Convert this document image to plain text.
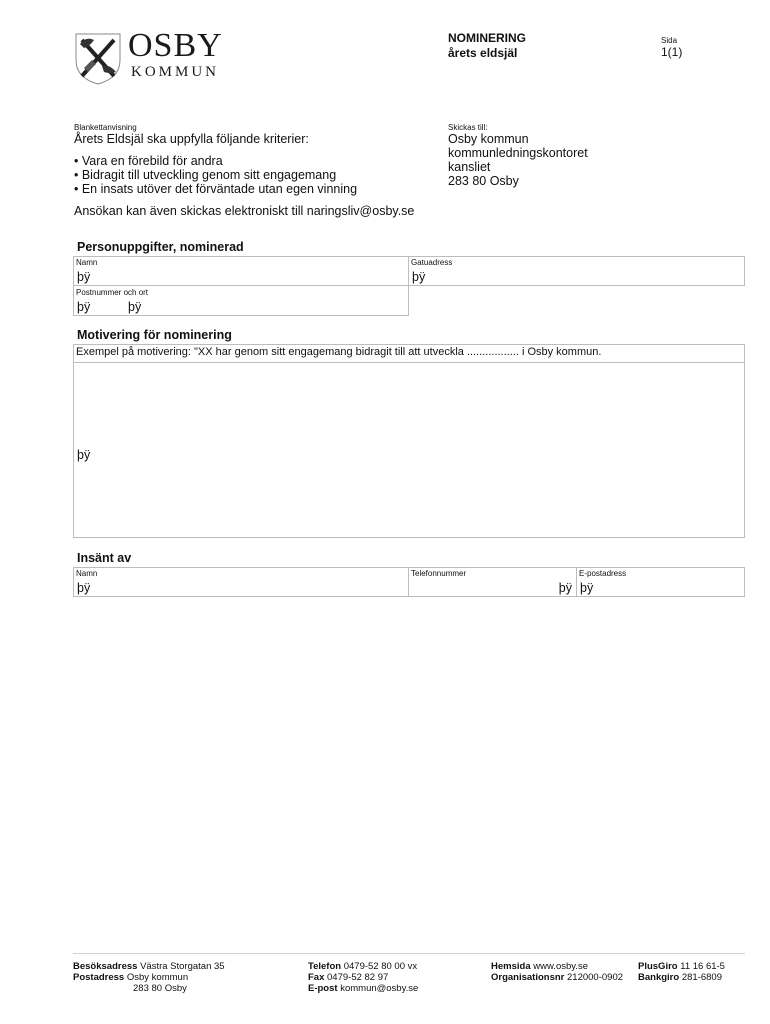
OSBY
KOMMUN
NOMINERING
årets eldsjäl
Sida
1(1)
Blankettanvisning
Årets Eldsjäl ska uppfylla följande kriterier:
• Vara en förebild för andra
• Bidragit till utveckling genom sitt engagemang
• En insats utöver det förväntade utan egen vinning
Ansökan kan även skickas elektroniskt till naringsliv@osby.se
Skickas till:
Osby kommun
kommunledningskontoret
kansliet
283 80 Osby
Personuppgifter, nominerad
Namn
þÿ
Gatuadress
þÿ
Postnummer och ort
þÿ	þÿ
Motivering för nominering
Exempel på motivering: "XX har genom sitt engagemang bidragit till att utveckla ................. i Osby kommun.
þÿ
Insänt av
Namn
þÿ
Telefonnummer
þÿ
E-postadress
þÿ
Besöksadress Västra Storgatan 35
Postadress Osby kommun
283 80 Osby
Telefon 0479-52 80 00 vx
Fax 0479-52 82 97
E-post kommun@osby.se
Hemsida www.osby.se
Organisationsnr 212000-0902
PlusGiro 11 16 61-5
Bankgiro 281-6809
